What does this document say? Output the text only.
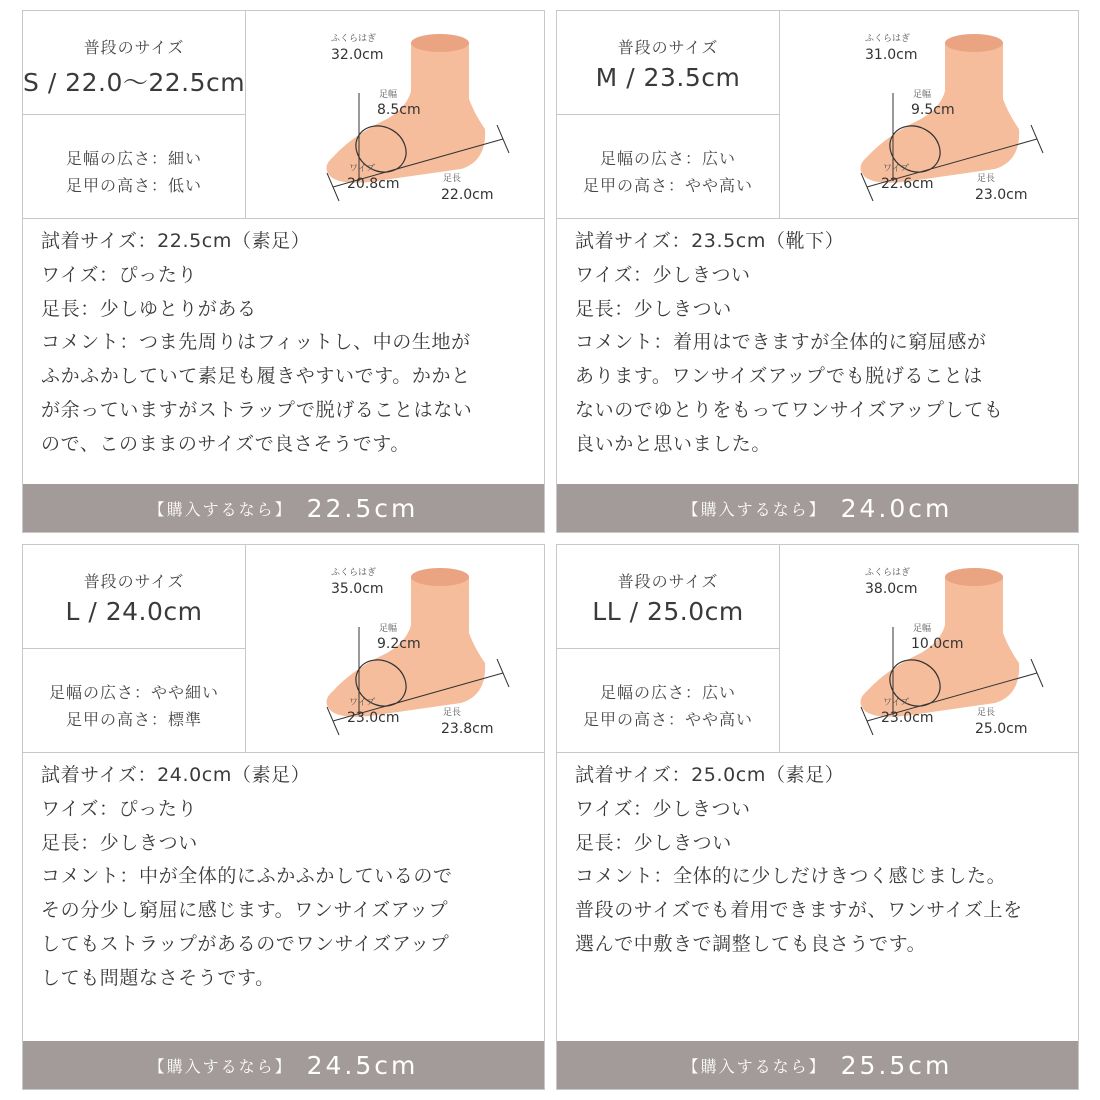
普段のサイズ
S / 22.0〜22.5cm
足幅の広さ：細い
足甲の高さ：低い
ふくらはぎ
32.0cm
足幅
8.5cm
ワイズ
20.8cm	足長
22.0cm

試着サイズ：22.5cm（素足）

ワイズ：ぴったり

足長：少しゆとりがある

コメント：つま先周りはフィットし、中の生地が

ふかふかしていて素足も履きやすいです。かかと

が余っていますがストラップで脱げることはない

ので、このままのサイズで良さそうです。

【購入するなら】 22.5cm
普段のサイズ
M / 23.5cm
足幅の広さ：広い
足甲の高さ：やや高い
ふくらはぎ
31.0cm
足幅
9.5cm
ワイズ
22.6cm	足長
23.0cm

試着サイズ：23.5cm（靴下）

ワイズ：少しきつい

足長：少しきつい

コメント：着用はできますが全体的に窮屈感が

あります。ワンサイズアップでも脱げることは

ないのでゆとりをもってワンサイズアップしても

良いかと思いました。

【購入するなら】 24.0cm
普段のサイズ
L / 24.0cm
足幅の広さ：やや細い
足甲の高さ：標準
ふくらはぎ
35.0cm
足幅
9.2cm
ワイズ
23.0cm	足長
23.8cm

試着サイズ：24.0cm（素足）

ワイズ：ぴったり

足長：少しきつい

コメント：中が全体的にふかふかしているので

その分少し窮屈に感じます。ワンサイズアップ

してもストラップがあるのでワンサイズアップ

しても問題なさそうです。

【購入するなら】 24.5cm
普段のサイズ
LL / 25.0cm
足幅の広さ：広い
足甲の高さ：やや高い
ふくらはぎ
38.0cm
足幅
10.0cm
ワイズ
23.0cm	足長
25.0cm

試着サイズ：25.0cm（素足）

ワイズ：少しきつい

足長：少しきつい

コメント：全体的に少しだけきつく感じました。

普段のサイズでも着用できますが、ワンサイズ上を

選んで中敷きで調整しても良さうです。

【購入するなら】 25.5cm
